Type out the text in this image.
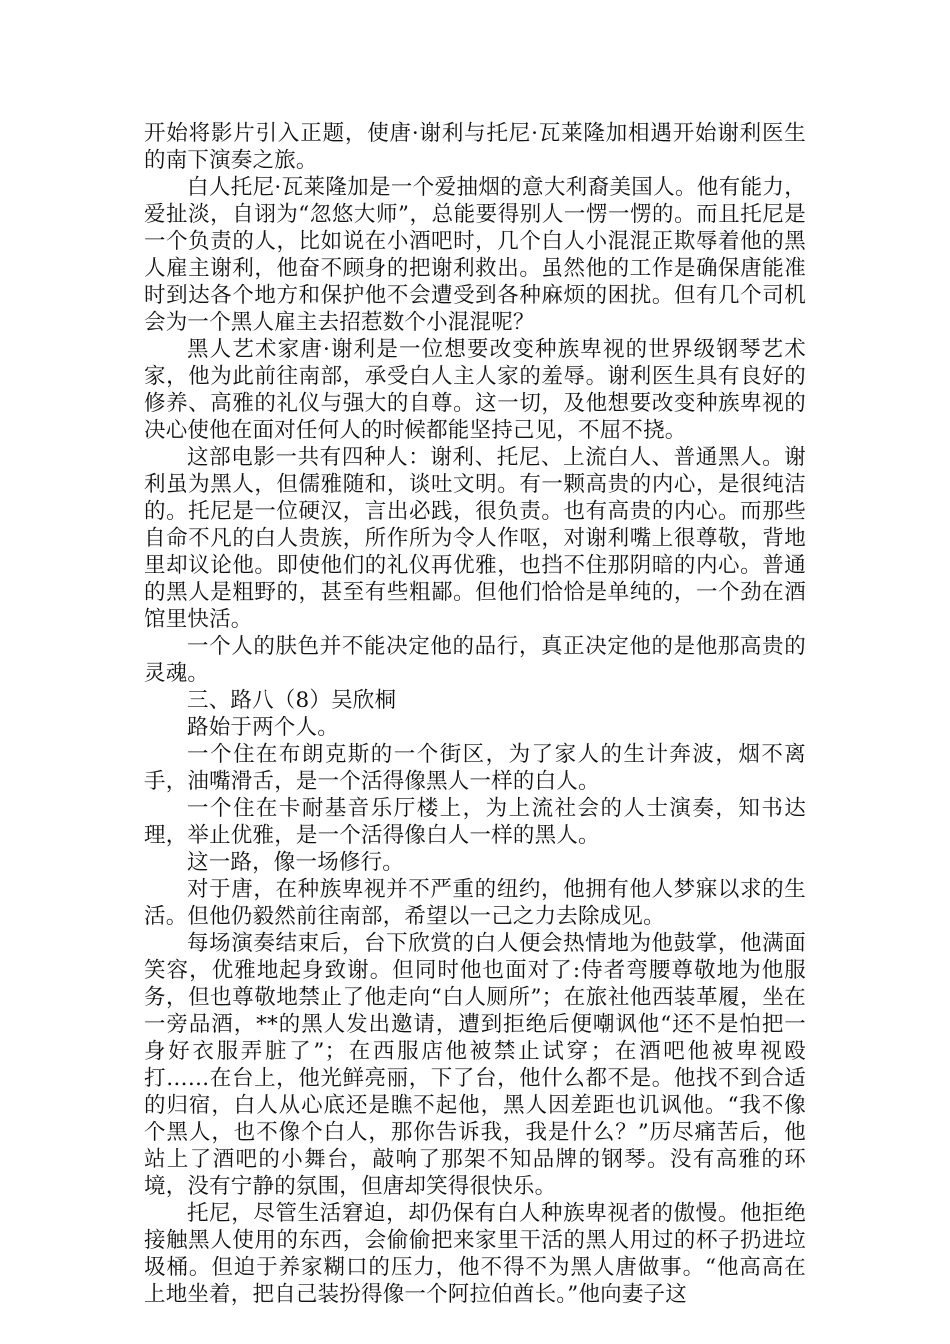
开始将影片引入正题，使唐·谢利与托尼·瓦莱隆加相遇开始谢利医生的南下演奏之旅。

白人托尼·瓦莱隆加是一个爱抽烟的意大利裔美国人。他有能力，爱扯淡，自诩为“忽悠大师”，总能要得别人一愣一愣的。而且托尼是一个负责的人，比如说在小酒吧时，几个白人小混混正欺辱着他的黑人雇主谢利，他奋不顾身的把谢利救出。虽然他的工作是确保唐能准时到达各个地方和保护他不会遭受到各种麻烦的困扰。但有几个司机会为一个黑人雇主去招惹数个小混混呢？

黑人艺术家唐·谢利是一位想要改变种族卑视的世界级钢琴艺术家，他为此前往南部，承受白人主人家的羞辱。谢利医生具有良好的修养、高雅的礼仪与强大的自尊。这一切，及他想要改变种族卑视的决心使他在面对任何人的时候都能坚持己见，不屈不挠。

这部电影一共有四种人：谢利、托尼、上流白人、普通黑人。谢利虽为黑人，但儒雅随和，谈吐文明。有一颗高贵的内心，是很纯洁的。托尼是一位硬汉，言出必践，很负责。也有高贵的内心。而那些自命不凡的白人贵族，所作所为令人作呕，对谢利嘴上很尊敬，背地里却议论他。即使他们的礼仪再优雅，也挡不住那阴暗的内心。普通的黑人是粗野的，甚至有些粗鄙。但他们恰恰是单纯的，一个劲在酒馆里快活。

一个人的肤色并不能决定他的品行，真正决定他的是他那高贵的灵魂。

三、路八（8）吴欣桐

路始于两个人。

一个住在布朗克斯的一个街区，为了家人的生计奔波，烟不离手，油嘴滑舌，是一个活得像黑人一样的白人。

一个住在卡耐基音乐厅楼上，为上流社会的人士演奏，知书达理，举止优雅，是一个活得像白人一样的黑人。

这一路，像一场修行。

对于唐，在种族卑视并不严重的纽约，他拥有他人梦寐以求的生活。但他仍毅然前往南部，希望以一己之力去除成见。

每场演奏结束后，台下欣赏的白人便会热情地为他鼓掌，他满面笑容，优雅地起身致谢。但同时他也面对了:侍者弯腰尊敬地为他服务，但也尊敬地禁止了他走向“白人厕所”；在旅社他西装革履，坐在一旁品酒，**的黑人发出邀请，遭到拒绝后便嘲讽他“还不是怕把一身好衣服弄脏了”；在西服店他被禁止试穿；在酒吧他被卑视殴打……在台上，他光鲜亮丽，下了台，他什么都不是。他找不到合适的归宿，白人从心底还是瞧不起他，黑人因差距也讥讽他。“我不像个黑人，也不像个白人，那你告诉我，我是什么？”历尽痛苦后，他站上了酒吧的小舞台，敲响了那架不知品牌的钢琴。没有高雅的环境，没有宁静的氛围，但唐却笑得很快乐。

托尼，尽管生活窘迫，却仍保有白人种族卑视者的傲慢。他拒绝接触黑人使用的东西，会偷偷把来家里干活的黑人用过的杯子扔进垃圾桶。但迫于养家糊口的压力，他不得不为黑人唐做事。“他高高在上地坐着，把自己装扮得像一个阿拉伯酋长。”他向妻子这
